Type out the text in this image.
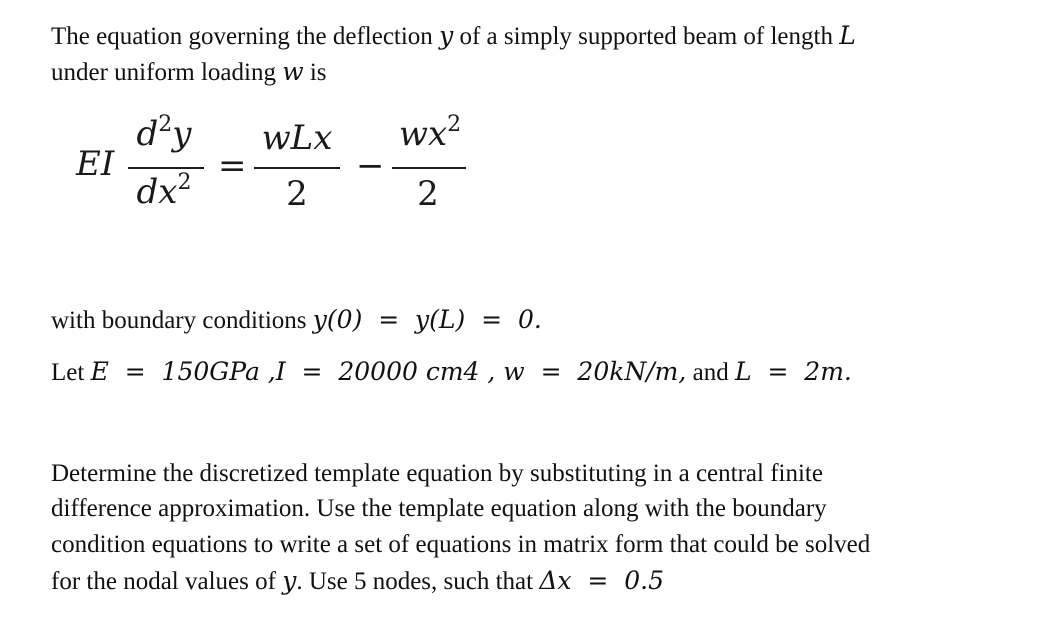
The equation governing the deflection y of a simply supported beam of length L
under uniform loading w is
EI
$d^2y$
$dx^2$ =
wLx
2
−
$wx^2$
2
with boundary conditions y(0)  =  y(L)  =  0.
Let E  =  150GPa ,I  =  20000 cm4 , w  =  20kN/m, and L  =  2m.
Determine the discretized template equation by substituting in a central finite
difference approximation. Use the template equation along with the boundary
condition equations to write a set of equations in matrix form that could be solved
for the nodal values of y. Use 5 nodes, such that Δx  =  0.5
